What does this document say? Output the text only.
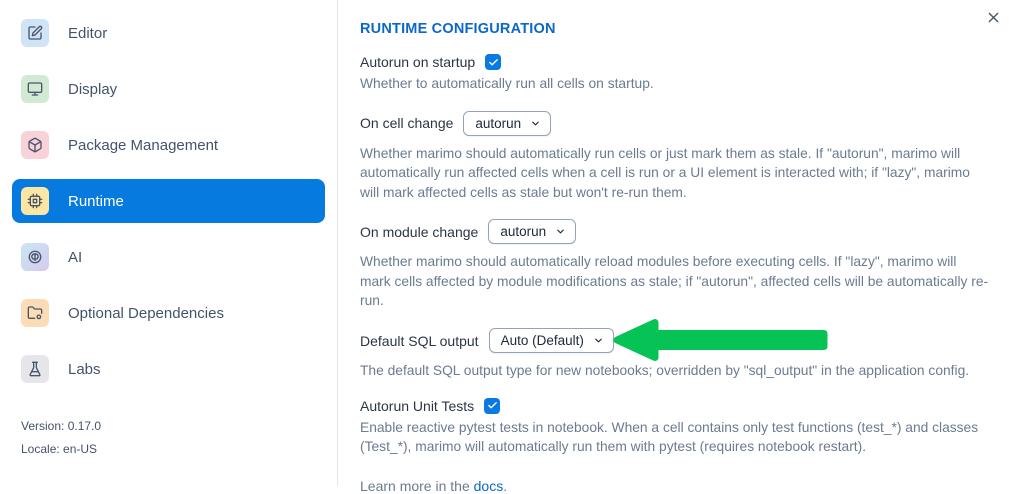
Editor
Display
Package Management
Runtime
AI
Optional Dependencies
Labs
Version: 0.17.0
Locale: en-US
RUNTIME CONFIGURATION
Autorun on startup
Whether to automatically run all cells on startup.
On cell change autorun
Whether marimo should automatically run cells or just mark them as stale. If "autorun", marimo will automatically run affected cells when a cell is run or a UI element is interacted with; if "lazy", marimo will mark affected cells as stale but won't re-run them.
On module change autorun
Whether marimo should automatically reload modules before executing cells. If "lazy", marimo will mark cells affected by module modifications as stale; if "autorun", affected cells will be automatically re-run.
Default SQL output Auto (Default)
The default SQL output type for new notebooks; overridden by "sql_output" in the application config.
Autorun Unit Tests
Enable reactive pytest tests in notebook. When a cell contains only test functions (test_*) and classes (Test_*), marimo will automatically run them with pytest (requires notebook restart).
Learn more in the docs.
